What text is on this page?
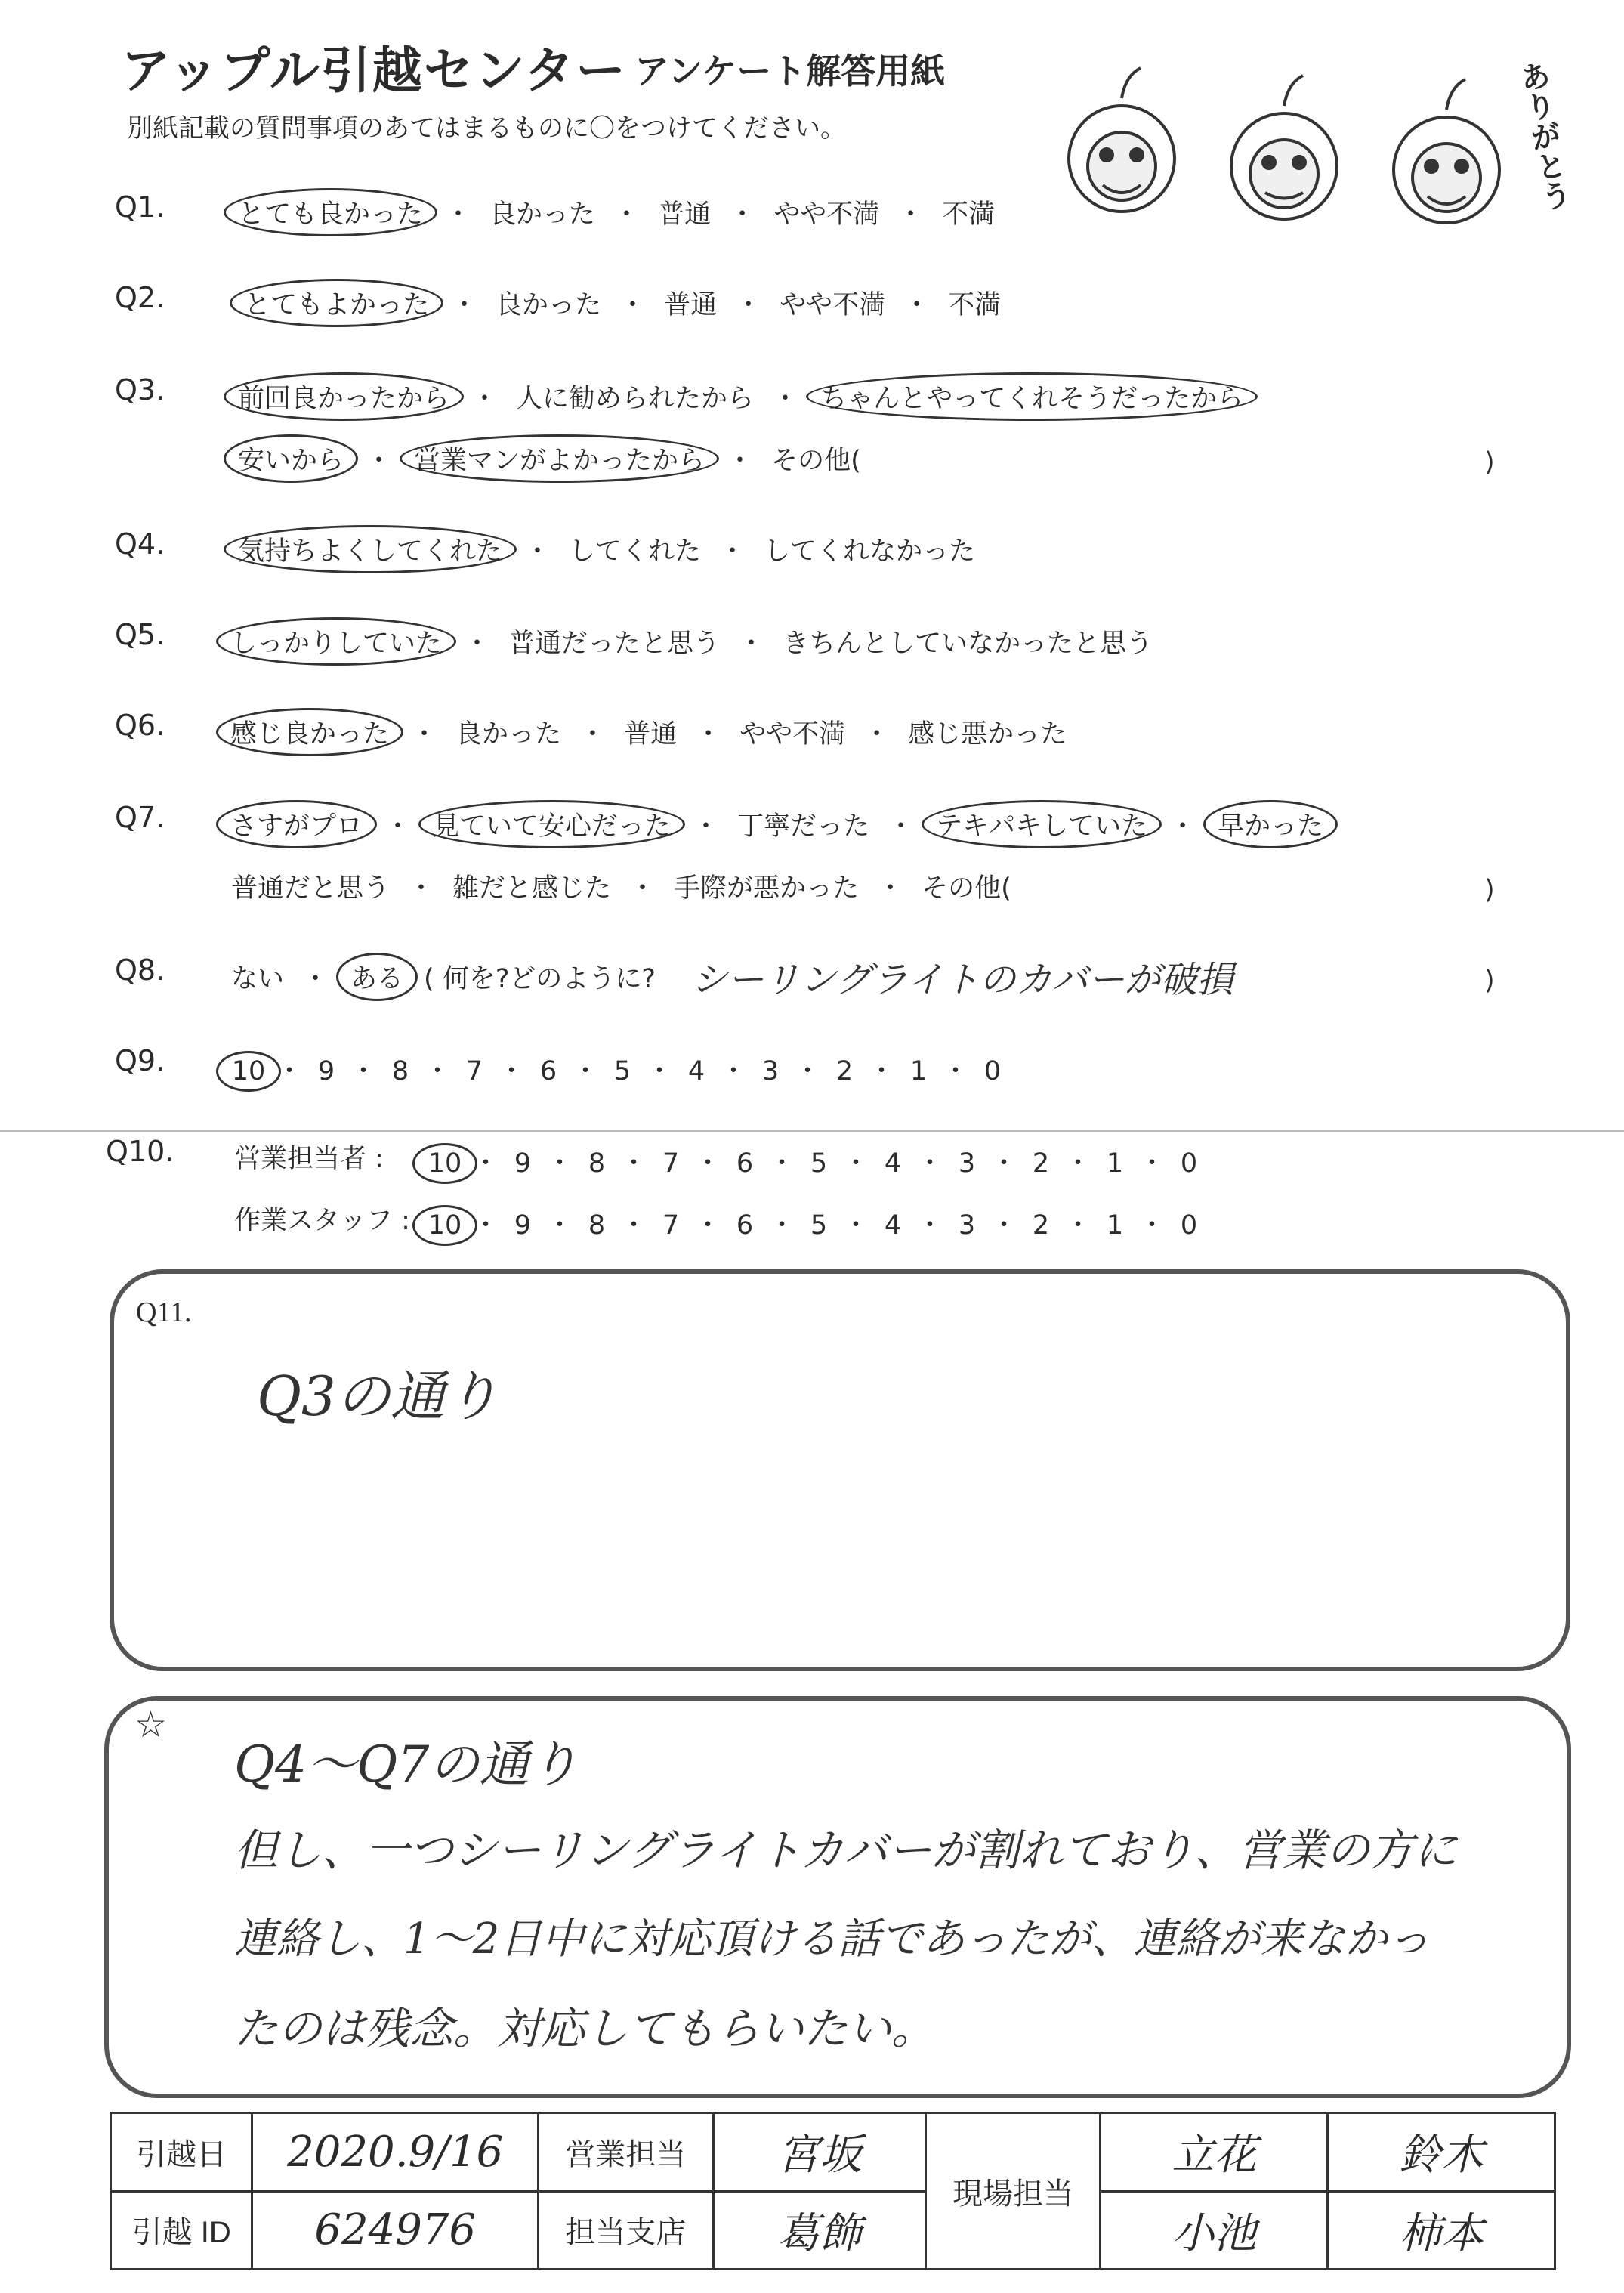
アップル引越センター アンケート解答用紙
別紙記載の質問事項のあてはまるものに〇をつけてください。	ありがとう
Q1.	とても良かった ・ 良かった ・ 普通 ・ やや不満 ・ 不満
Q2.	とてもよかった ・ 良かった ・ 普通 ・ やや不満 ・ 不満
Q3.	前回良かったから ・ 人に勧められたから ・ ちゃんとやってくれそうだったから
安いから ・ 営業マンがよかったから ・ その他(	)
Q4.	気持ちよくしてくれた ・ してくれた ・ してくれなかった
Q5. しっかりしていた ・ 普通だったと思う ・ きちんとしていなかったと思う
Q6. 感じ良かった ・ 良かった ・ 普通 ・ やや不満 ・ 感じ悪かった
Q7. さすがプロ ・ 見ていて安心だった ・ 丁寧だった ・ テキパキしていた ・ 早かった
普通だと思う ・ 雑だと感じた ・ 手際が悪かった ・ その他(	)
Q8.	ない ・ ある ( 何を?どのように? シーリングライトのカバーが破損	)
Q9.	10 ・ 9 ・ 8 ・ 7 ・ 6 ・ 5 ・ 4 ・ 3 ・ 2 ・ 1 ・ 0
Q10. 営業担当者 :	10 ・ 9 ・ 8 ・ 7 ・ 6 ・ 5 ・ 4 ・ 3 ・ 2 ・ 1 ・ 0
作業スタッフ : 10 ・ 9 ・ 8 ・ 7 ・ 6 ・ 5 ・ 4 ・ 3 ・ 2 ・ 1 ・ 0
Q11.
Q3の通り
☆
Q4〜Q7の通り
但し、一つシーリングライトカバーが割れており、営業の方に
連絡し、1〜2日中に対応頂ける話であったが、連絡が来なかっ
たのは残念。対応してもらいたい。
引越日	2020.9/16	営業担当	宮坂	現場担当	立花	鈴木
引越 ID	624976	担当支店	葛飾		小池	柿本
